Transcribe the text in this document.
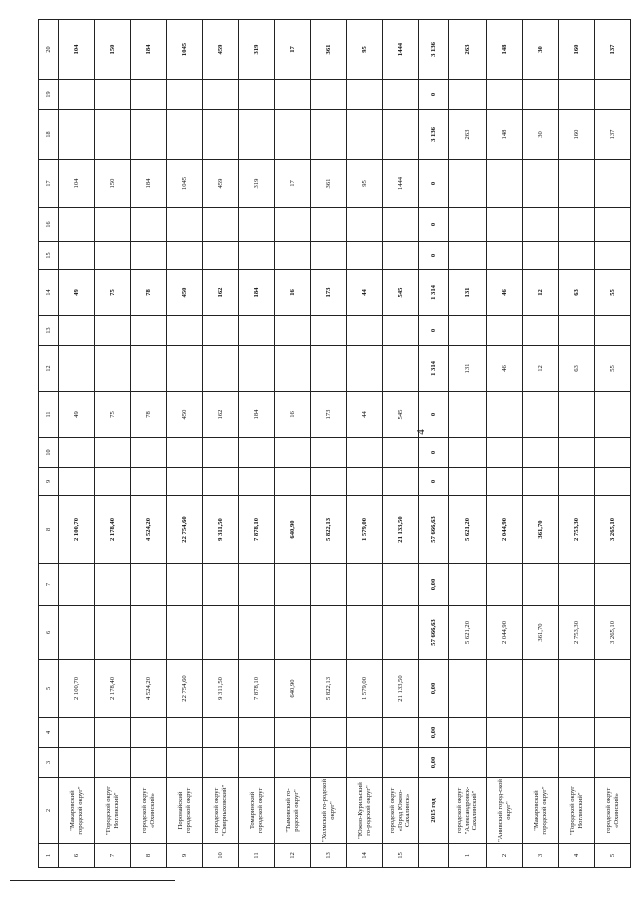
4
1	2	3	4	5	6	7	8	9	10	11	12	13	14	15	16	17	18	19	20
6	"Макаровский городской округ"			2 100,70			2 100,70			49			49			104			104
7	"Городской округ Ногликский"			2 178,40			2 178,40			75			75			150			150
8	городской округ «Охинский»			4 524,20			4 524,20			78			78			184			184
9	Поронайский городской округ			22 754,60			22 754,60			450			450			1045			1045
10	городской округ "Смирныховский"			9 311,50			9 311,50			162			162			459			459
11	Томаринский городской округ			7 878,10			7 878,10			184			184			319			319
12	"Тымовский го-родской округ"			640,90			640,90			16			16			17			17
13	"Холмский го-родской округ"			5 822,13			5 822,13			173			173			361			361
14	"Южно-Курильский го-родской округ"			1 579,00			1 579,00			44			44			95			95
15	городской округ «Город Южно-Сахалинск»			21 133,50			21 133,50			545			545			1444			1444
	2015 год	0,00	0,00	0,00	57 666,63	0,00	57 666,63	0	0	0	1 314	0	1 314	0	0	0	3 136	0	3 136
1	городской округ "Александровск-Сахалинский"				5 621,20		5 621,20				131		131				263		263
2	"Анивский город-ской округ"				2 044,90		2 044,90				46		46				148		148
3	"Макаровский городской округ"				361,70		361,70				12		12				30		30
4	"Городской округ Ногликский"				2 753,30		2 753,30				63		63				160		160
5	городской округ «Охинский»				3 265,10		3 265,10				55		55				137		137
